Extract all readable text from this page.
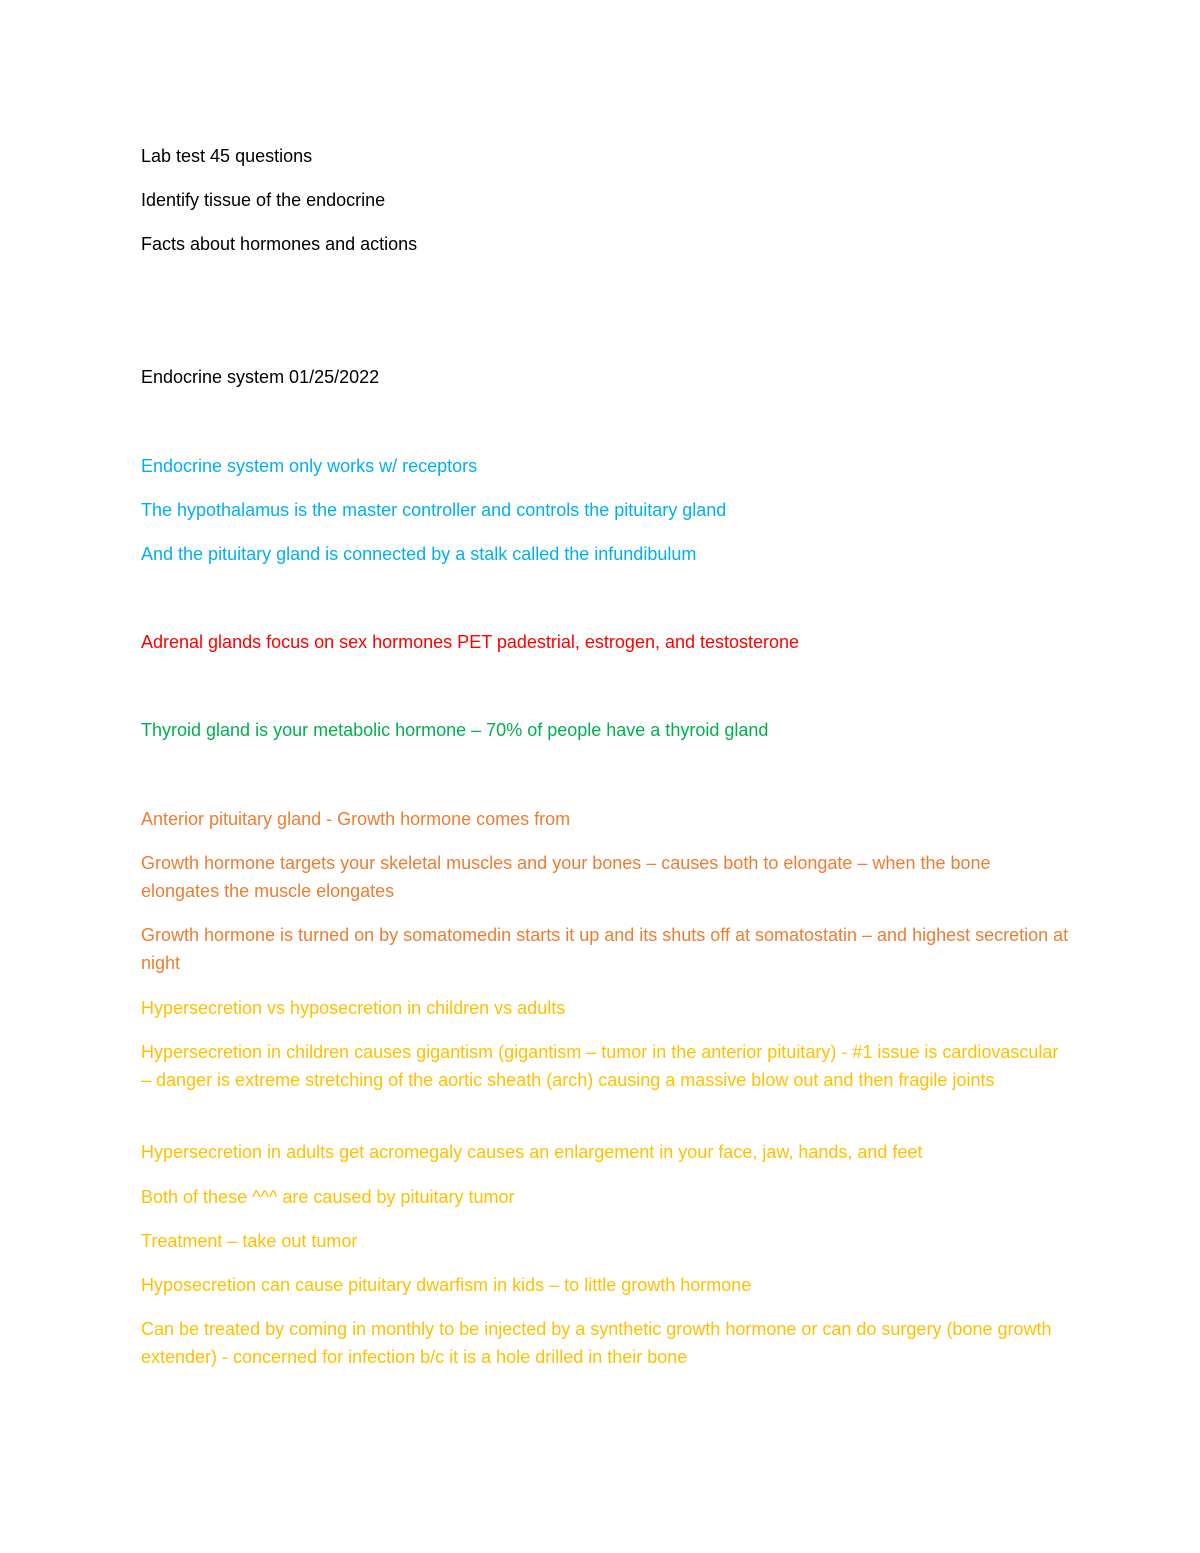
Lab test 45 questions
Identify tissue of the endocrine
Facts about hormones and actions
Endocrine system 01/25/2022
Endocrine system only works w/ receptors
The hypothalamus is the master controller and controls the pituitary gland
And the pituitary gland is connected by a stalk called the infundibulum
Adrenal glands focus on sex hormones PET padestrial, estrogen, and testosterone
Thyroid gland is your metabolic hormone – 70% of people have a thyroid gland
Anterior pituitary gland - Growth hormone comes from
Growth hormone targets your skeletal muscles and your bones – causes both to elongate – when the bone elongates the muscle elongates
Growth hormone is turned on by somatomedin starts it up and its shuts off at somatostatin – and highest secretion at night
Hypersecretion vs hyposecretion in children vs adults
Hypersecretion in children causes gigantism (gigantism – tumor in the anterior pituitary) - #1 issue is cardiovascular – danger is extreme stretching of the aortic sheath (arch) causing a massive blow out and then fragile joints
Hypersecretion in adults get acromegaly causes an enlargement in your face, jaw, hands, and feet
Both of these ^^^ are caused by pituitary tumor
Treatment – take out tumor
Hyposecretion can cause pituitary dwarfism in kids – to little growth hormone
Can be treated by coming in monthly to be injected by a synthetic growth hormone or can do surgery (bone growth extender) - concerned for infection b/c it is a hole drilled in their bone
